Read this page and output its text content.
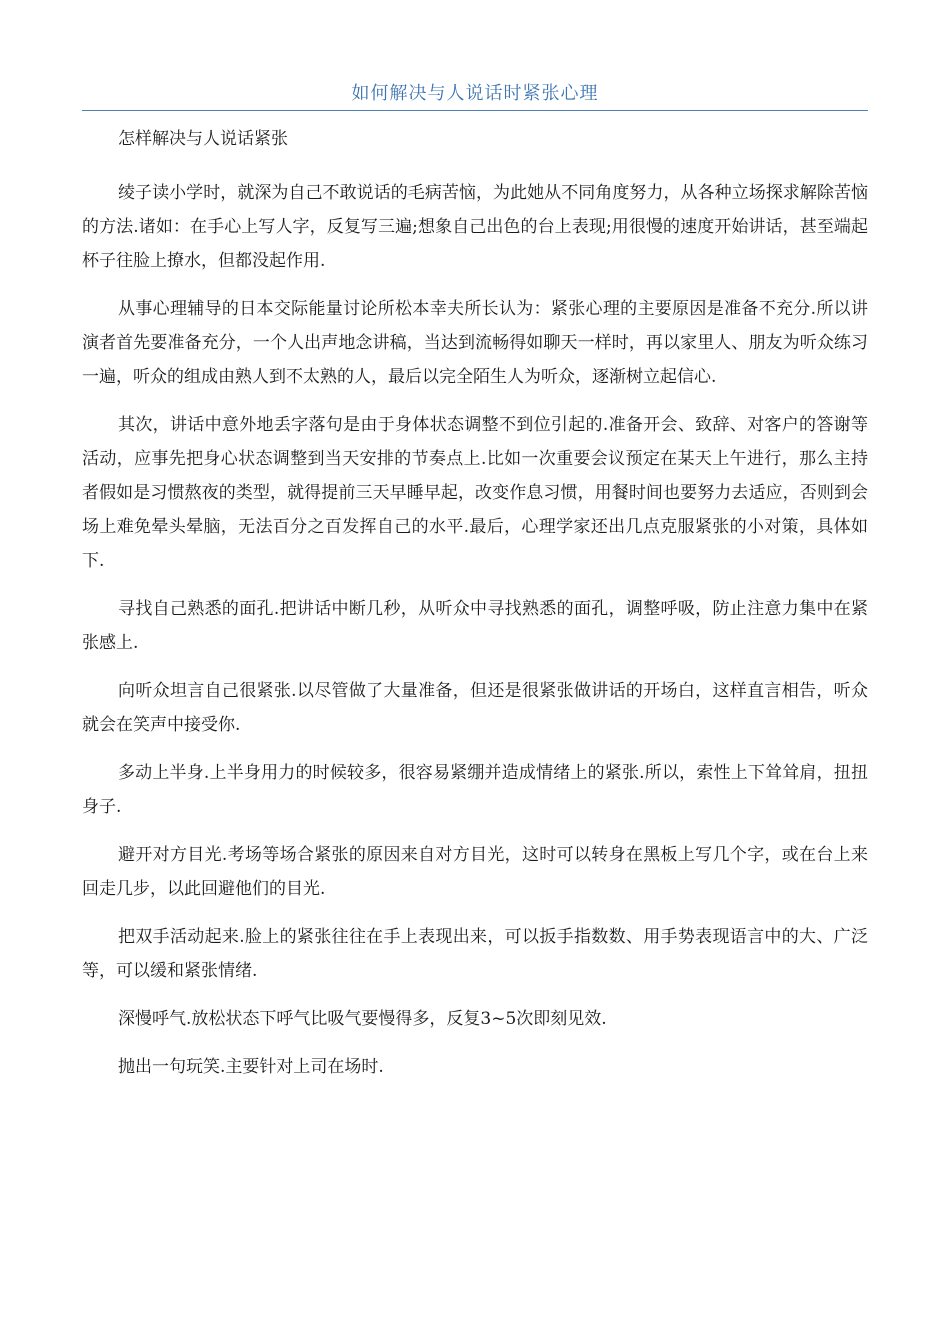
如何解决与人说话时紧张心理

怎样解决与人说话紧张

绫子读小学时，就深为自己不敢说话的毛病苦恼，为此她从不同角度努力，从各种立场探求解除苦恼的方法.诸如：在手心上写人字，反复写三遍;想象自己出色的台上表现;用很慢的速度开始讲话，甚至端起杯子往脸上撩水，但都没起作用.

从事心理辅导的日本交际能量讨论所松本幸夫所长认为：紧张心理的主要原因是准备不充分.所以讲演者首先要准备充分，一个人出声地念讲稿，当达到流畅得如聊天一样时，再以家里人、朋友为听众练习一遍，听众的组成由熟人到不太熟的人，最后以完全陌生人为听众，逐渐树立起信心.

其次，讲话中意外地丢字落句是由于身体状态调整不到位引起的.准备开会、致辞、对客户的答谢等活动，应事先把身心状态调整到当天安排的节奏点上.比如一次重要会议预定在某天上午进行，那么主持者假如是习惯熬夜的类型，就得提前三天早睡早起，改变作息习惯，用餐时间也要努力去适应，否则到会场上难免晕头晕脑，无法百分之百发挥自己的水平.最后，心理学家还出几点克服紧张的小对策，具体如下.

寻找自己熟悉的面孔.把讲话中断几秒，从听众中寻找熟悉的面孔，调整呼吸，防止注意力集中在紧张感上.

向听众坦言自己很紧张.以尽管做了大量准备，但还是很紧张做讲话的开场白，这样直言相告，听众就会在笑声中接受你.

多动上半身.上半身用力的时候较多，很容易紧绷并造成情绪上的紧张.所以，索性上下耸耸肩，扭扭身子.

避开对方目光.考场等场合紧张的原因来自对方目光，这时可以转身在黑板上写几个字，或在台上来回走几步，以此回避他们的目光.

把双手活动起来.脸上的紧张往往在手上表现出来，可以扳手指数数、用手势表现语言中的大、广泛等，可以缓和紧张情绪.

深慢呼气.放松状态下呼气比吸气要慢得多，反复3~5次即刻见效.

抛出一句玩笑.主要针对上司在场时.
